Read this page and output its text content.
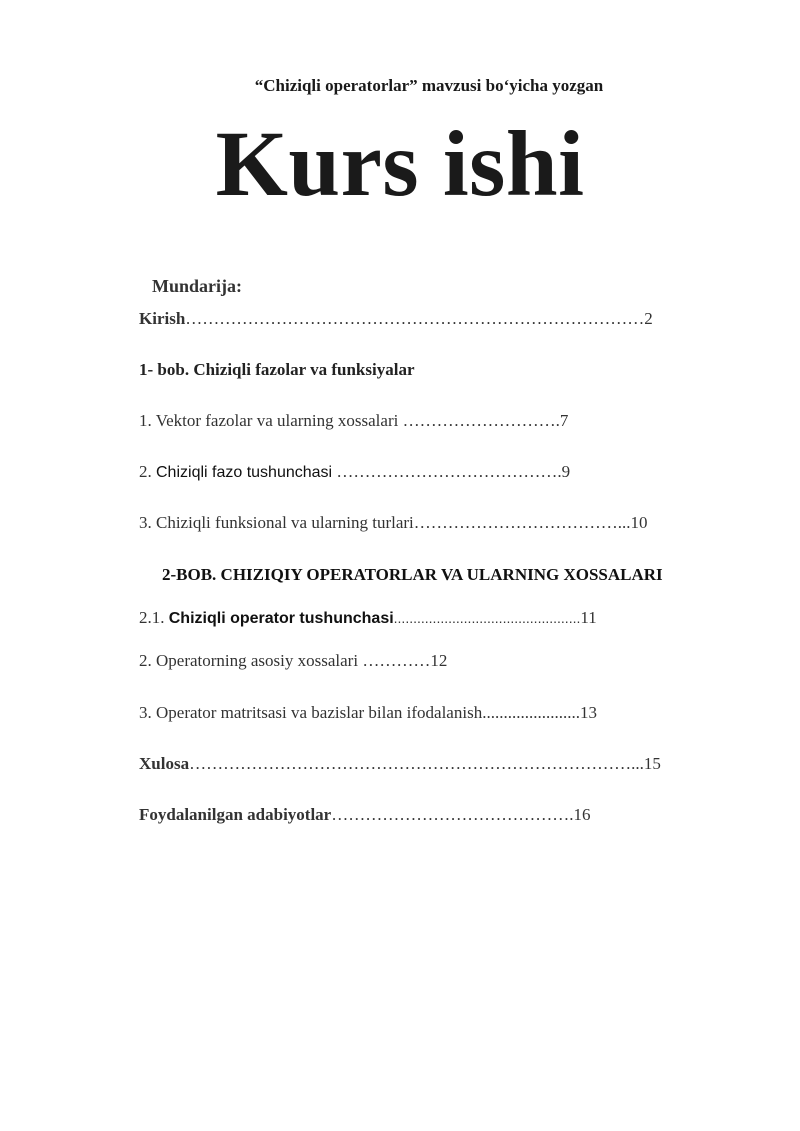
“Chiziqli operatorlar” mavzusi bo‘yicha yozgan
Kurs ishi
Mundarija:
Kirish………………………………………………………………………2
1- bob. Chiziqli fazolar va funksiyalar
1. Vektor fazolar va ularning xossalari ……………………….7
2. Chiziqli fazo tushunchasi ………………………………….9
3. Chiziqli funksional va ularning turlari………………………………...10
2-BOB. CHIZIQIY OPERATORLAR VA ULARNING XOSSALARI
2.1. Chiziqli operator tushunchasi................................................11
2. Operatorning asosiy xossalari …………12
3. Operator matritsasi va bazislar bilan ifodalanish.......................13
Xulosa……………………………………………………………………...15
Foydalanilgan adabiyotlar…………………………………….16
